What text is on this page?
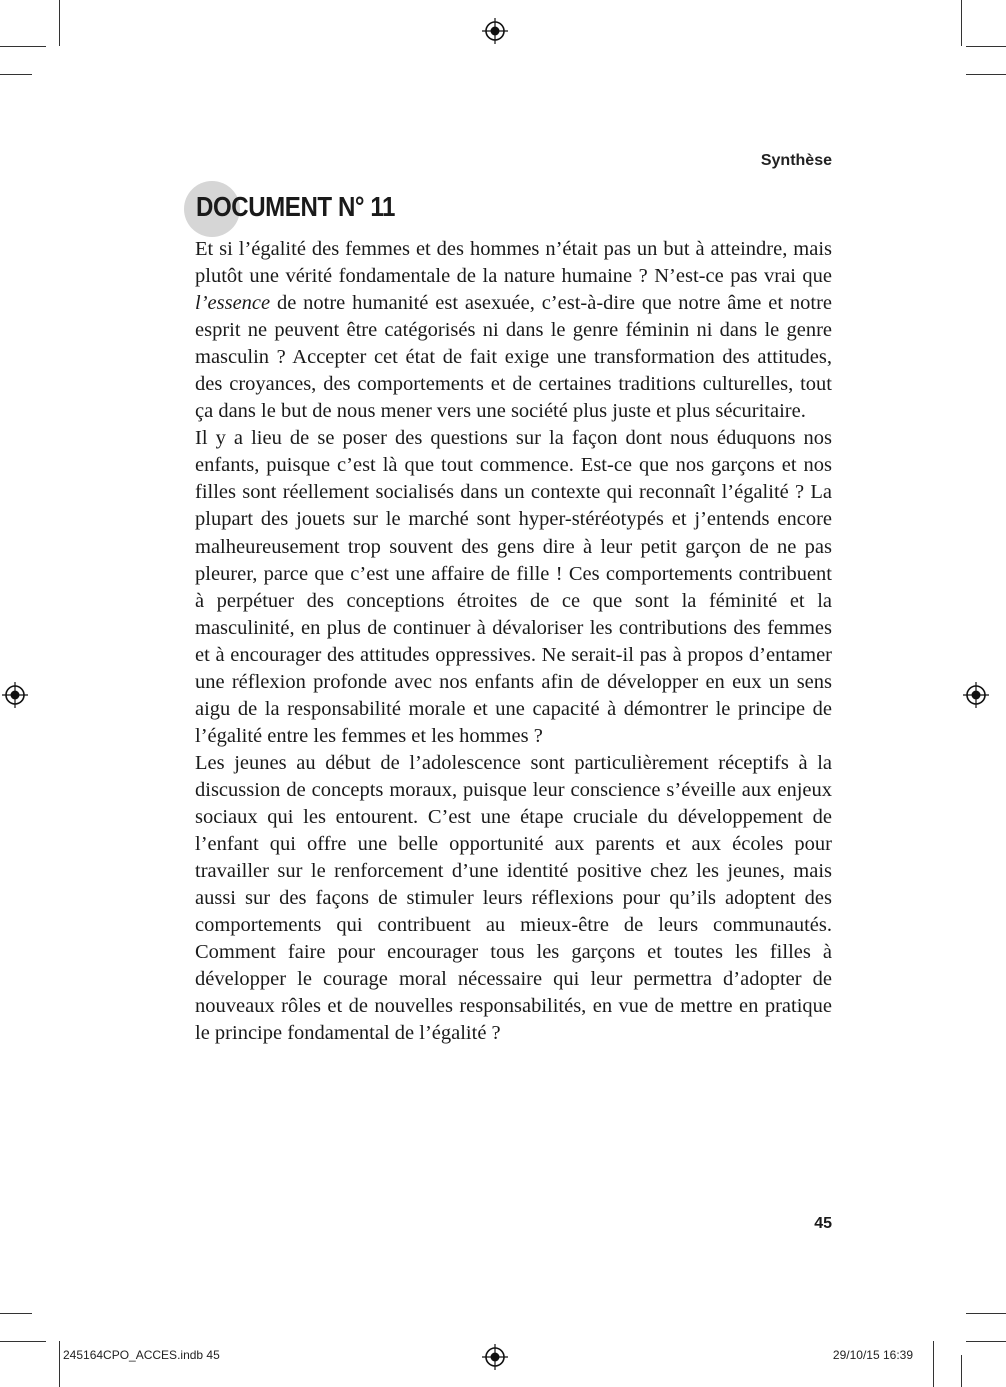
Synthèse
DOCUMENT N° 11

Et si l’égalité des femmes et des hommes n’était pas un but à atteindre, mais plutôt une vérité fondamentale de la nature humaine ? N’est-ce pas vrai que l’essence de notre humanité est asexuée, c’est-à-dire que notre âme et notre esprit ne peuvent être catégorisés ni dans le genre féminin ni dans le genre masculin ? Accepter cet état de fait exige une transformation des attitudes, des croyances, des comportements et de certaines traditions culturelles, tout ça dans le but de nous mener vers une société plus juste et plus sécuritaire.

Il y a lieu de se poser des questions sur la façon dont nous éduquons nos enfants, puisque c’est là que tout commence. Est-ce que nos garçons et nos filles sont réellement socialisés dans un contexte qui reconnaît l’égalité ? La plupart des jouets sur le marché sont hyper-stéréotypés et j’entends encore malheureusement trop souvent des gens dire à leur petit garçon de ne pas pleurer, parce que c’est une affaire de fille ! Ces comportements contribuent à perpétuer des conceptions étroites de ce que sont la féminité et la masculinité, en plus de continuer à dévaloriser les contributions des femmes et à encourager des attitudes oppressives. Ne serait-il pas à propos d’entamer une réflexion profonde avec nos enfants afin de développer en eux un sens aigu de la responsabilité morale et une capacité à démontrer le principe de l’égalité entre les femmes et les hommes ?

Les jeunes au début de l’adolescence sont particulièrement réceptifs à la discussion de concepts moraux, puisque leur conscience s’éveille aux enjeux sociaux qui les entourent. C’est une étape cruciale du développement de l’enfant qui offre une belle opportunité aux parents et aux écoles pour travailler sur le renforcement d’une identité positive chez les jeunes, mais aussi sur des façons de stimuler leurs réflexions pour qu’ils adoptent des comportements qui contribuent au mieux-être de leurs communautés. Comment faire pour encourager tous les garçons et toutes les filles à développer le courage moral nécessaire qui leur permettra d’adopter de nouveaux rôles et de nouvelles responsabilités, en vue de mettre en pratique le principe fondamental de l’égalité ?

45
245164CPO_ACCES.indb 45	29/10/15 16:39
